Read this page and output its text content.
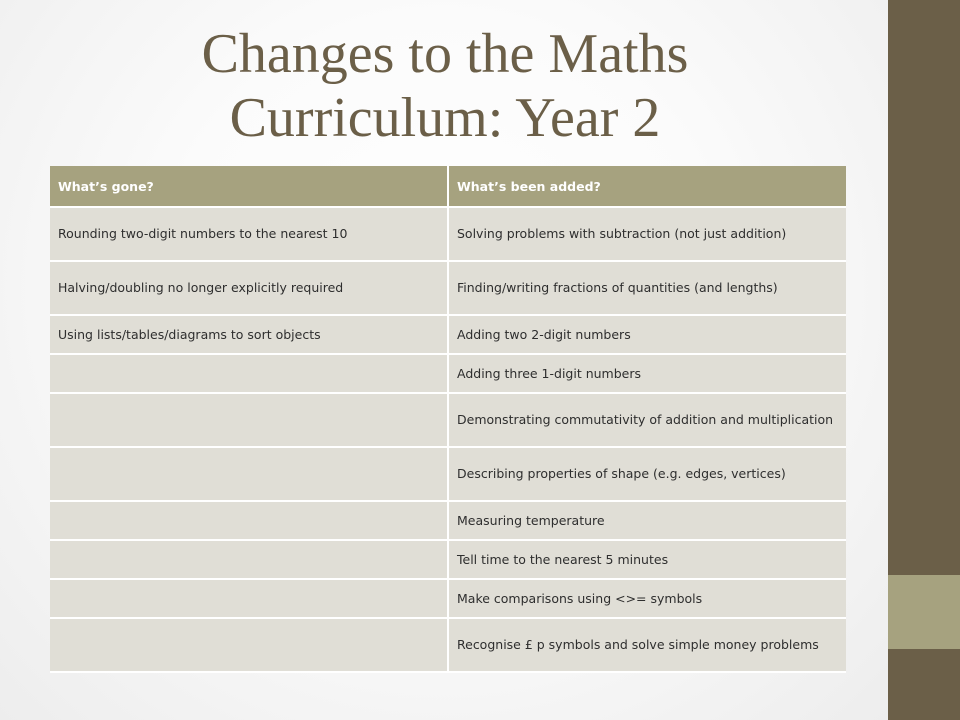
Changes to the Maths
Curriculum: Year 2
What’s gone?	What’s been added?
Rounding two-digit numbers to the nearest 10	Solving problems with subtraction (not just addition)
Halving/doubling no longer explicitly required	Finding/writing fractions of quantities (and lengths)
Using lists/tables/diagrams to sort objects	Adding two 2-digit numbers
	Adding three 1-digit numbers
	Demonstrating commutativity of addition and multiplication
	Describing properties of shape (e.g. edges, vertices)
	Measuring temperature
	Tell time to the nearest 5 minutes
	Make comparisons using <>= symbols
	Recognise £ p symbols and solve simple money problems
